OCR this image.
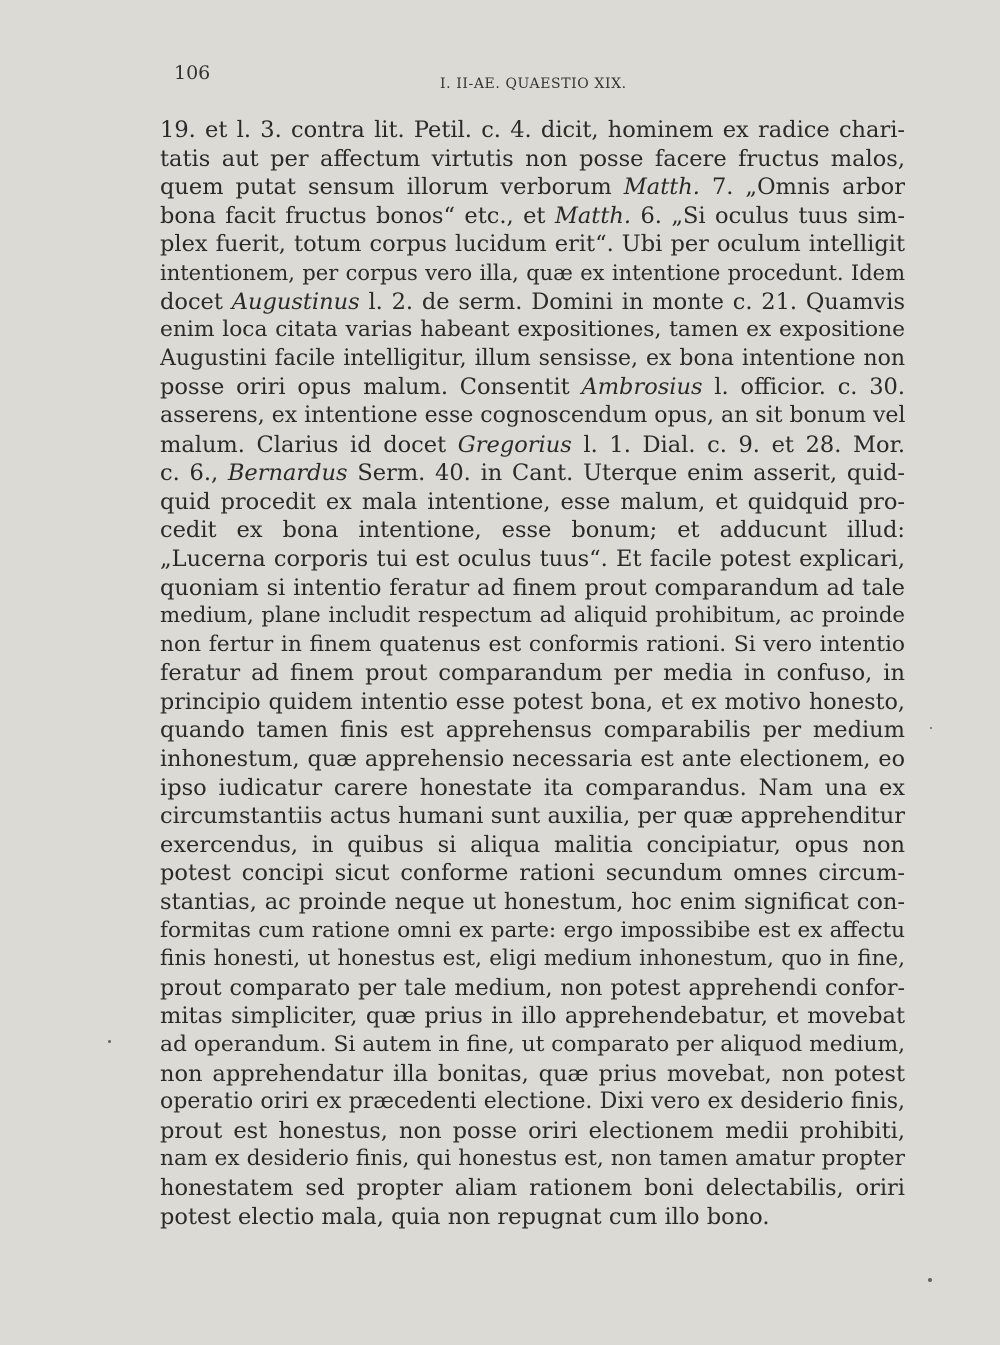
106	I. II-AE. QUAESTIO XIX.
19. et l. 3. contra lit. Petil. c. 4. dicit, hominem ex radice chari-
tatis aut per affectum virtutis non posse facere fructus malos,
quem putat sensum illorum verborum Matth. 7. „Omnis arbor
bona facit fructus bonos“ etc., et Matth. 6. „Si oculus tuus sim-
plex fuerit, totum corpus lucidum erit“. Ubi per oculum intelligit
intentionem, per corpus vero illa, quæ ex intentione procedunt. Idem
docet Augustinus l. 2. de serm. Domini in monte c. 21. Quamvis
enim loca citata varias habeant expositiones, tamen ex expositione
Augustini facile intelligitur, illum sensisse, ex bona intentione non
posse oriri opus malum. Consentit Ambrosius l. officior. c. 30.
asserens, ex intentione esse cognoscendum opus, an sit bonum vel
malum. Clarius id docet Gregorius l. 1. Dial. c. 9. et 28. Mor.
c. 6., Bernardus Serm. 40. in Cant. Uterque enim asserit, quid-
quid procedit ex mala intentione, esse malum, et quidquid pro-
cedit ex bona intentione, esse bonum; et adducunt illud:
„Lucerna corporis tui est oculus tuus“. Et facile potest explicari,
quoniam si intentio feratur ad finem prout comparandum ad tale
medium, plane includit respectum ad aliquid prohibitum, ac proinde
non fertur in finem quatenus est conformis rationi. Si vero intentio
feratur ad finem prout comparandum per media in confuso, in
principio quidem intentio esse potest bona, et ex motivo honesto,
quando tamen finis est apprehensus comparabilis per medium
inhonestum, quæ apprehensio necessaria est ante electionem, eo
ipso iudicatur carere honestate ita comparandus. Nam una ex
circumstantiis actus humani sunt auxilia, per quæ apprehenditur
exercendus, in quibus si aliqua malitia concipiatur, opus non
potest concipi sicut conforme rationi secundum omnes circum-
stantias, ac proinde neque ut honestum, hoc enim significat con-
formitas cum ratione omni ex parte: ergo impossibibe est ex affectu
finis honesti, ut honestus est, eligi medium inhonestum, quo in fine,
prout comparato per tale medium, non potest apprehendi confor-
mitas simpliciter, quæ prius in illo apprehendebatur, et movebat
ad operandum. Si autem in fine, ut comparato per aliquod medium,
non apprehendatur illa bonitas, quæ prius movebat, non potest
operatio oriri ex præcedenti electione. Dixi vero ex desiderio finis,
prout est honestus, non posse oriri electionem medii prohibiti,
nam ex desiderio finis, qui honestus est, non tamen amatur propter
honestatem sed propter aliam rationem boni delectabilis, oriri
potest electio mala, quia non repugnat cum illo bono.
